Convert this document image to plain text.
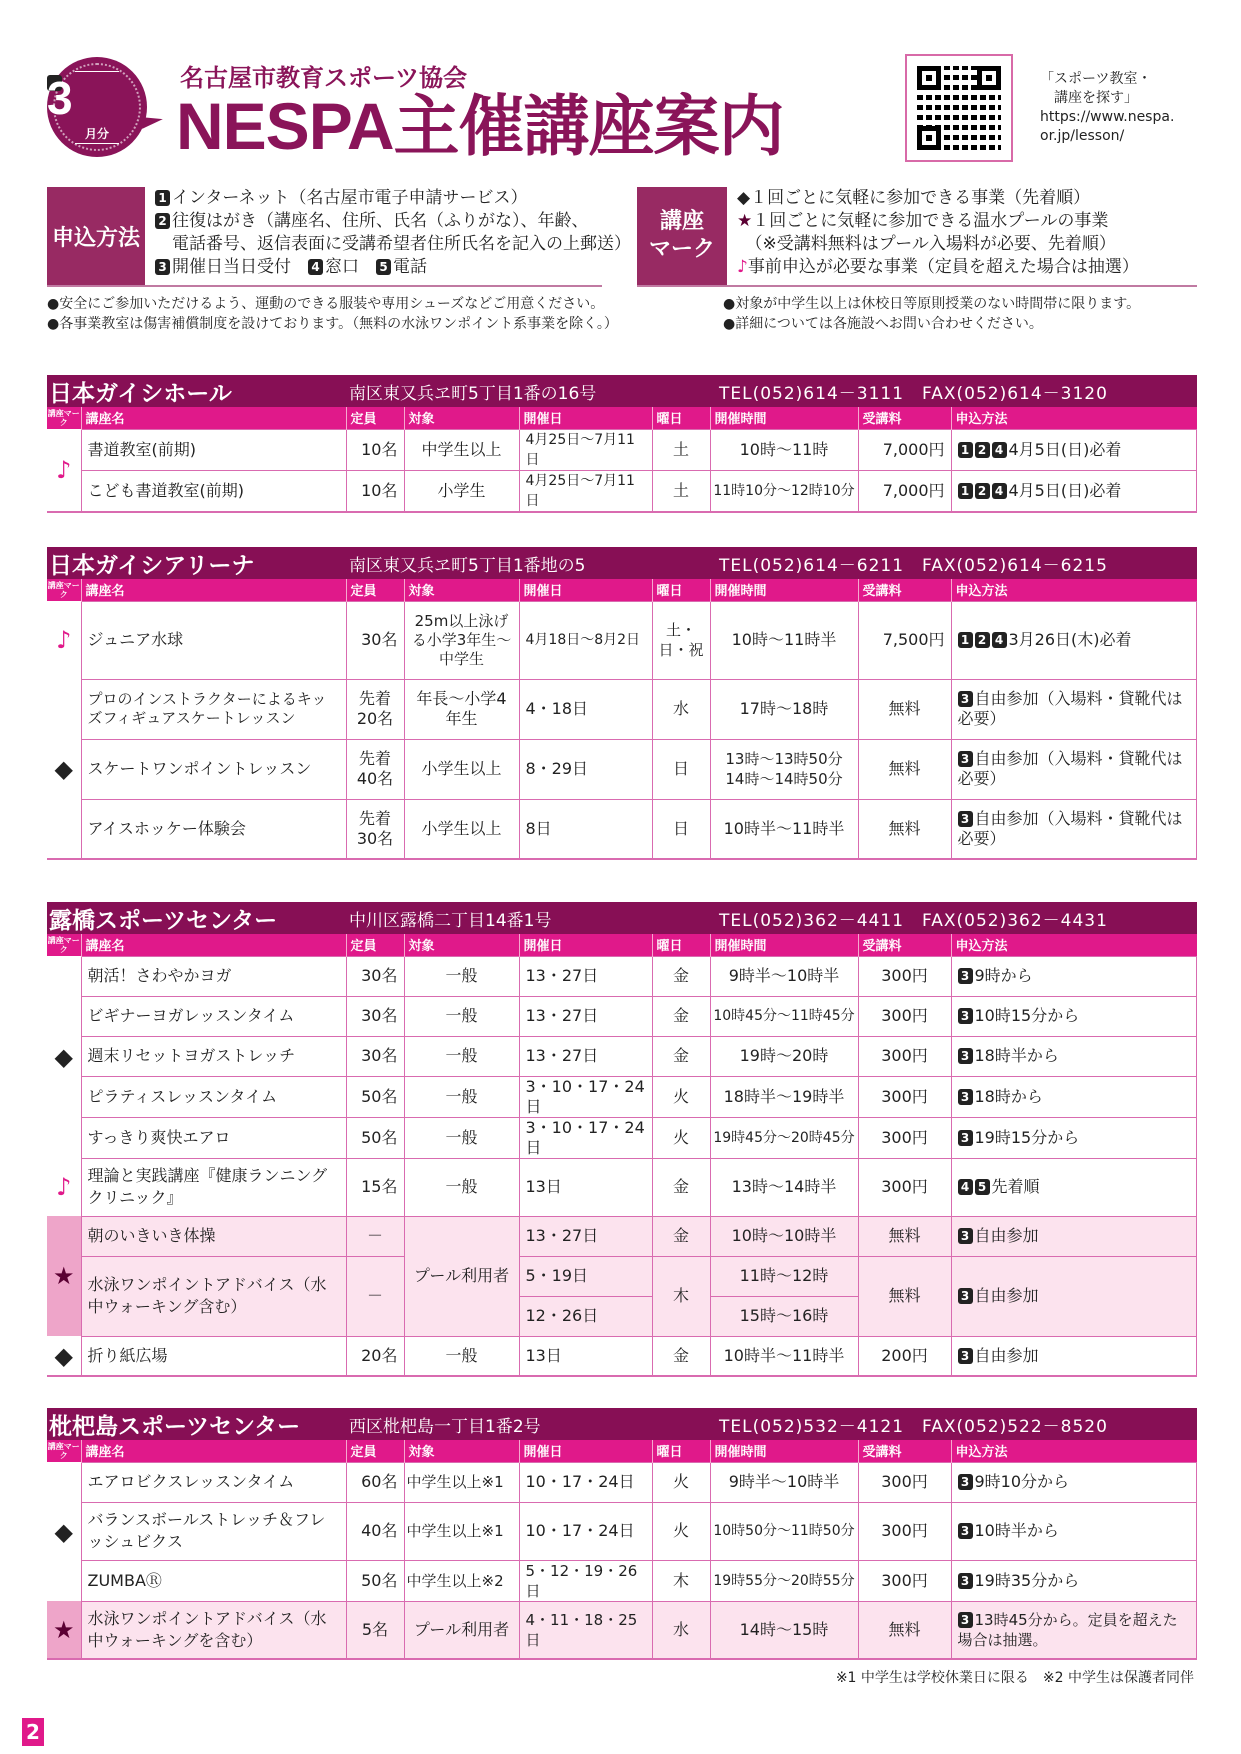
3
月分
名古屋市教育スポーツ協会
NESPA主催講座案内
「スポーツ教室・
　講座を探す」
https://www.nespa.
or.jp/lesson/
申込方法
1 インターネット（名古屋市電子申請サービス）
2 往復はがき（講座名、住所、氏名（ふりがな）、年齢、
　電話番号、返信表面に受講希望者住所氏名を記入の上郵送）
3 開催日当日受付　4 窓口　5 電話
講座
マーク
◆１回ごとに気軽に参加できる事業（先着順）
★１回ごとに気軽に参加できる温水プールの事業
　（※受講料無料はプール入場料が必要、先着順）
♪事前申込が必要な事業（定員を超えた場合は抽選）
●安全にご参加いただけるよう、運動のできる服装や専用シューズなどご用意ください。
●各事業教室は傷害補償制度を設けております。（無料の水泳ワンポイント系事業を除く。）
●対象が中学生以上は休校日等原則授業のない時間帯に限ります。
●詳細については各施設へお問い合わせください。
日本ガイシホール	南区東又兵ヱ町5丁目1番の16号	TEL(052)614－3111　FAX(052)614－3120
講座マーク	講座名	定員	対象	開催日	曜日	開催時間	受講料	申込方法
♪	書道教室(前期)	10名	中学生以上	4月25日～7月11日	土	10時～11時	7,000円	1 2 4 4月5日(日)必着
	こども書道教室(前期)	10名	小学生	4月25日～7月11日	土	11時10分～12時10分	7,000円	1 2 4 4月5日(日)必着
日本ガイシアリーナ	南区東又兵ヱ町5丁目1番地の5	TEL(052)614－6211　FAX(052)614－6215
講座マーク	講座名	定員	対象	開催日	曜日	開催時間	受講料	申込方法
♪	ジュニア水球	30名	25m以上泳げる小学3年生～中学生	4月18日～8月2日	土・日・祝	10時～11時半	7,500円	1 2 4 3月26日(木)必着
◆	プロのインストラクターによるキッズフィギュアスケートレッスン	先着20名	年長～小学4年生	4・18日	水	17時～18時	無料	3 自由参加（入場料・貸靴代は必要）
	スケートワンポイントレッスン	先着40名	小学生以上	8・29日	日	13時～13時50分 14時～14時50分	無料	3 自由参加（入場料・貸靴代は必要）
	アイスホッケー体験会	先着30名	小学生以上	8日	日	10時半～11時半	無料	3 自由参加（入場料・貸靴代は必要）
露橋スポーツセンター	中川区露橋二丁目14番1号	TEL(052)362－4411　FAX(052)362－4431
講座マーク	講座名	定員	対象	開催日	曜日	開催時間	受講料	申込方法
◆	朝活！さわやかヨガ	30名	一般	13・27日	金	9時半～10時半	300円	3 9時から
	ビギナーヨガレッスンタイム	30名	一般	13・27日	金	10時45分～11時45分	300円	3 10時15分から
	週末リセットヨガストレッチ	30名	一般	13・27日	金	19時～20時	300円	3 18時半から
	ピラティスレッスンタイム	50名	一般	3・10・17・24日	火	18時半～19時半	300円	3 18時から
	すっきり爽快エアロ	50名	一般	3・10・17・24日	火	19時45分～20時45分	300円	3 19時15分から
♪	理論と実践講座『健康ランニングクリニック』	15名	一般	13日	金	13時～14時半	300円	4 5 先着順
★	朝のいきいき体操	－	プール利用者	13・27日	金	10時～10時半	無料	3 自由参加
	水泳ワンポイントアドバイス（水中ウォーキング含む）	－		5・19日	木	11時～12時	無料	3 自由参加
				12・26日		15時～16時		
◆	折り紙広場	20名	一般	13日	金	10時半～11時半	200円	3 自由参加
枇杷島スポーツセンター	西区枇杷島一丁目1番2号	TEL(052)532－4121　FAX(052)522－8520
講座マーク	講座名	定員	対象	開催日	曜日	開催時間	受講料	申込方法
◆	エアロビクスレッスンタイム	60名	中学生以上※1	10・17・24日	火	9時半～10時半	300円	3 9時10分から
	バランスボールストレッチ＆フレッシュビクス	40名	中学生以上※1	10・17・24日	火	10時50分～11時50分	300円	3 10時半から
	ZUMBAⓇ	50名	中学生以上※2	5・12・19・26日	木	19時55分～20時55分	300円	3 19時35分から
★	水泳ワンポイントアドバイス（水中ウォーキングを含む）	5名	プール利用者	4・11・18・25日	水	14時～15時	無料	3 13時45分から。定員を超えた場合は抽選。
※1 中学生は学校休業日に限る　※2 中学生は保護者同伴
2
